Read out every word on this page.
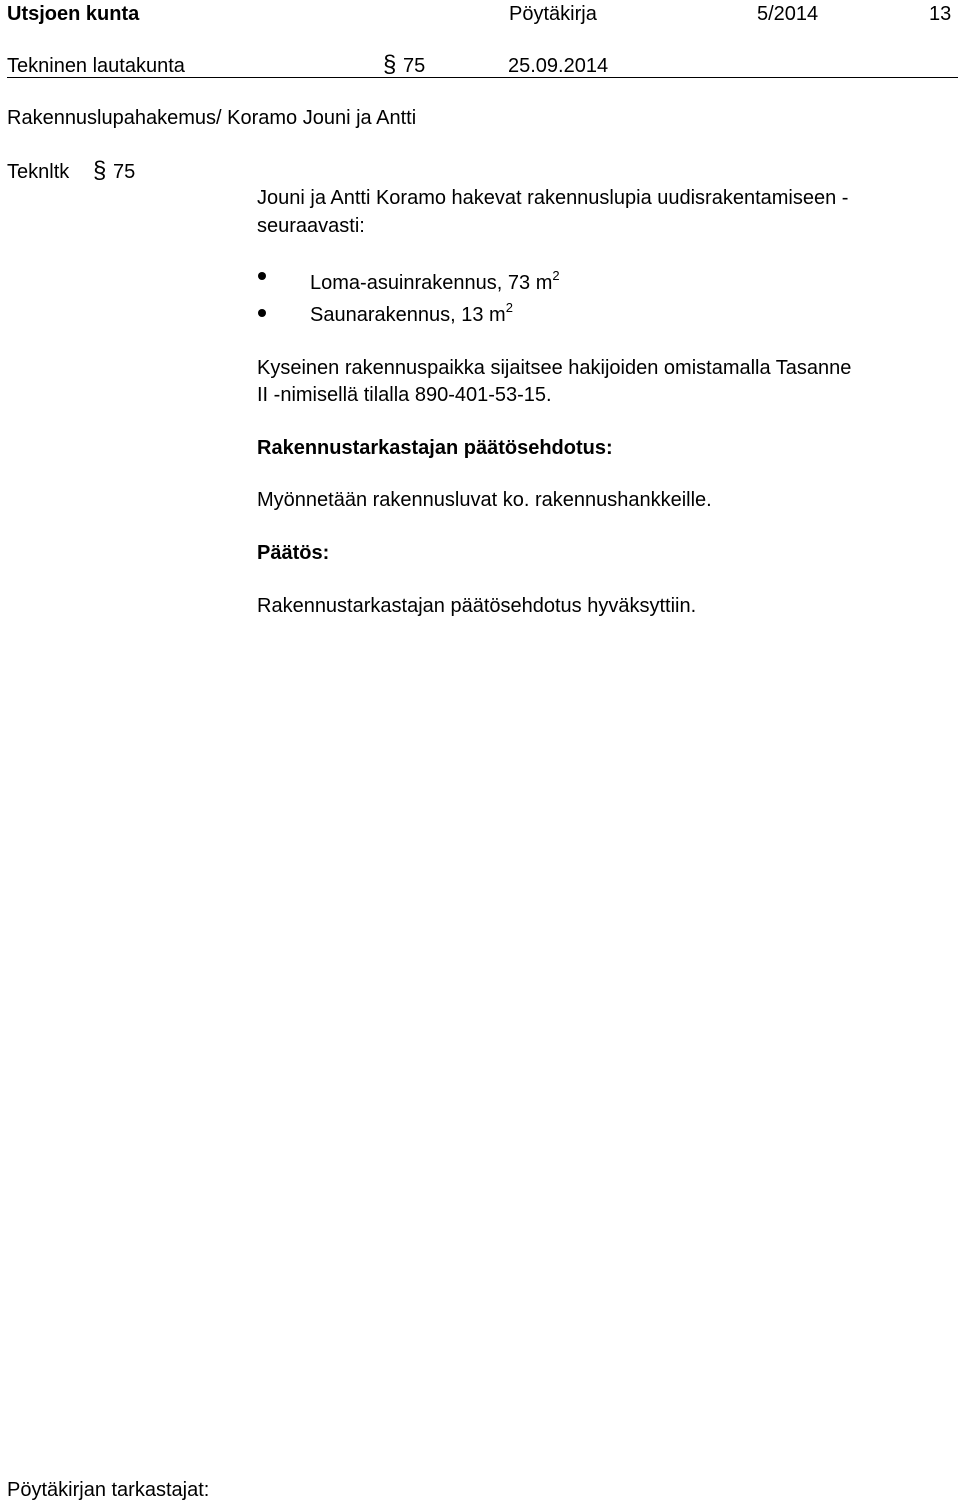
Utsjoen kunta	Pöytäkirja	5/2014	13
Tekninen lautakunta	§ 75	25.09.2014
Rakennuslupahakemus/ Koramo Jouni ja Antti
Teknltk § 75
Jouni ja Antti Koramo hakevat rakennuslupia uudisrakentamiseen -
seuraavasti:
Loma-asuinrakennus, 73 $m^2$
Saunarakennus, 13 $m^2$
Kyseinen rakennuspaikka sijaitsee hakijoiden omistamalla Tasanne
II -nimisellä tilalla 890-401-53-15.
Rakennustarkastajan päätösehdotus:
Myönnetään rakennusluvat ko. rakennushankkeille.
Päätös:
Rakennustarkastajan päätösehdotus hyväksyttiin.
Pöytäkirjan tarkastajat:
